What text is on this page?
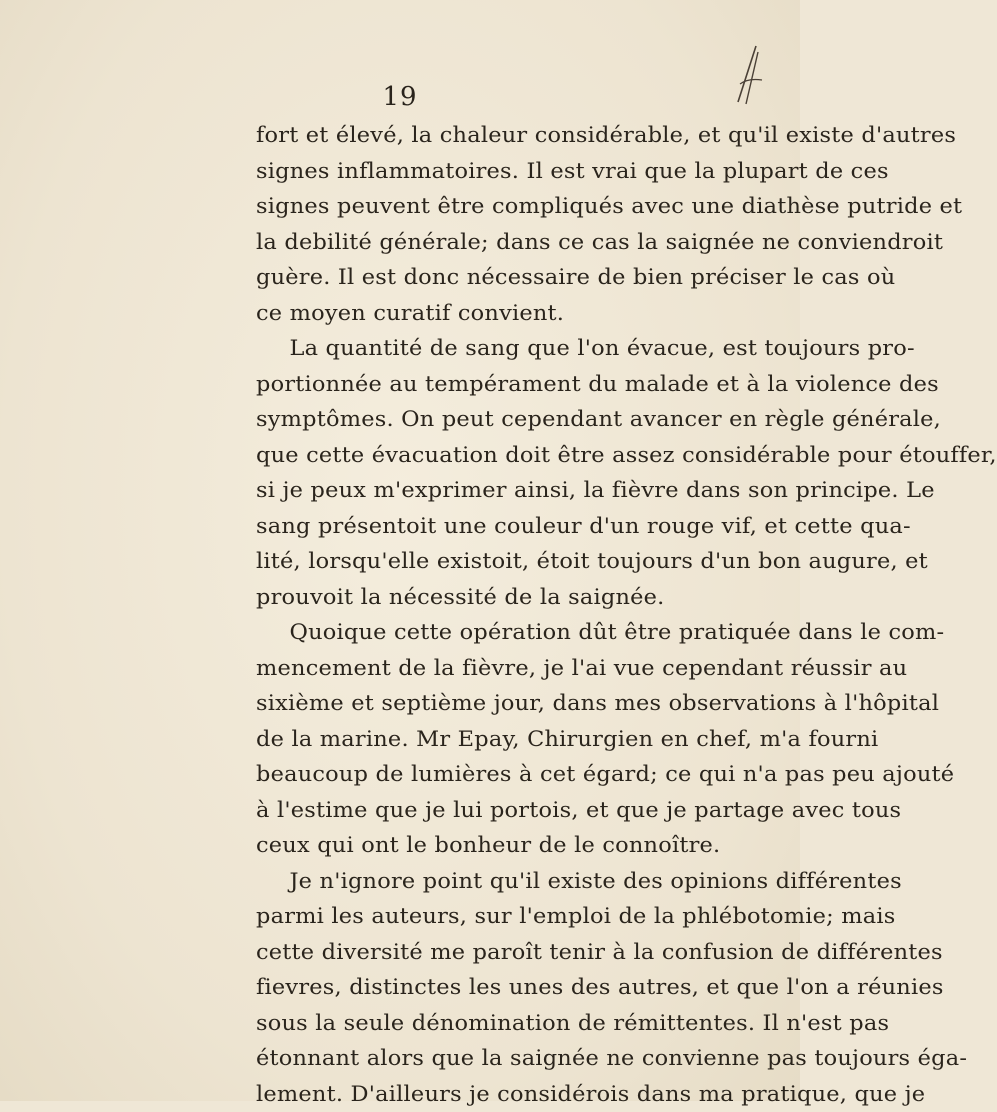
19
fort et élevé, la chaleur considérable, et qu'il existe d'autres
signes inflammatoires. Il est vrai que la plupart de ces
signes peuvent être compliqués avec une diathèse putride et
la debilité générale; dans ce cas la saignée ne conviendroit
guère. Il est donc nécessaire de bien préciser le cas où
ce moyen curatif convient.
La quantité de sang que l'on évacue, est toujours pro-
portionnée au tempérament du malade et à la violence des
symptômes. On peut cependant avancer en règle générale,
que cette évacuation doit être assez considérable pour étouffer,
si je peux m'exprimer ainsi, la fièvre dans son principe. Le
sang présentoit une couleur d'un rouge vif, et cette qua-
lité, lorsqu'elle existoit, étoit toujours d'un bon augure, et
prouvoit la nécessité de la saignée.
Quoique cette opération dût être pratiquée dans le com-
mencement de la fièvre, je l'ai vue cependant réussir au
sixième et septième jour, dans mes observations à l'hôpital
de la marine. Mr Epay, Chirurgien en chef, m'a fourni
beaucoup de lumières à cet égard; ce qui n'a pas peu ajouté
à l'estime que je lui portois, et que je partage avec tous
ceux qui ont le bonheur de le connoître.
Je n'ignore point qu'il existe des opinions différentes
parmi les auteurs, sur l'emploi de la phlébotomie; mais
cette diversité me paroît tenir à la confusion de différentes
fievres, distinctes les unes des autres, et que l'on a réunies
sous la seule dénomination de rémittentes. Il n'est pas
étonnant alors que la saignée ne convienne pas toujours éga-
lement. D'ailleurs je considérois dans ma pratique, que je
